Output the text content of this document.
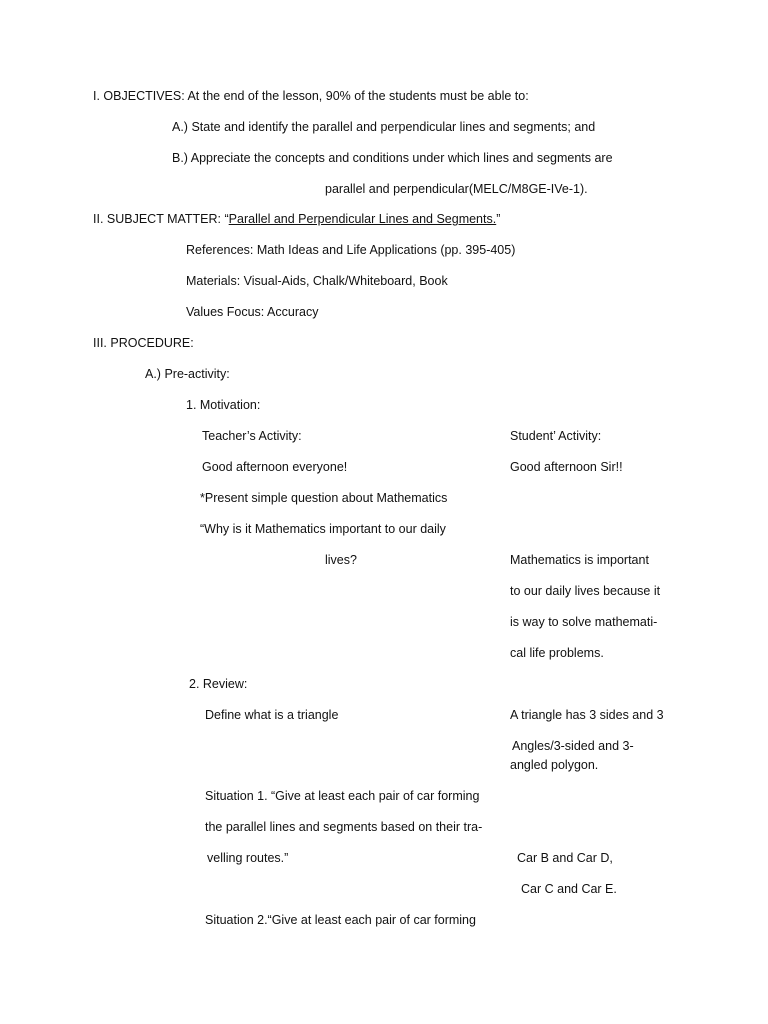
I. OBJECTIVES: At the end of the lesson, 90% of the students must be able to:
A.) State and identify the parallel and perpendicular lines and segments; and
B.) Appreciate the concepts and conditions under which lines and segments are
parallel and perpendicular(MELC/M8GE-IVe-1).
II. SUBJECT MATTER: “Parallel and Perpendicular Lines and Segments.”
References: Math Ideas and Life Applications (pp. 395-405)
Materials: Visual-Aids, Chalk/Whiteboard, Book
Values Focus: Accuracy
III. PROCEDURE:
A.) Pre-activity:
1. Motivation:
Teacher’s Activity:	Student’ Activity:
Good afternoon everyone!	Good afternoon Sir!!
*Present simple question about Mathematics
“Why is it Mathematics important to our daily
lives?	Mathematics is important
to our daily lives because it
is way to solve mathemati-
cal life problems.
2. Review:
Define what is a triangle	A triangle has 3 sides and 3
Angles/3-sided and 3-
angled polygon.
Situation 1. “Give at least each pair of car forming
the parallel lines and segments based on their tra-
velling routes.”	Car B and Car D,
Car C and Car E.
Situation 2.“Give at least each pair of car forming
